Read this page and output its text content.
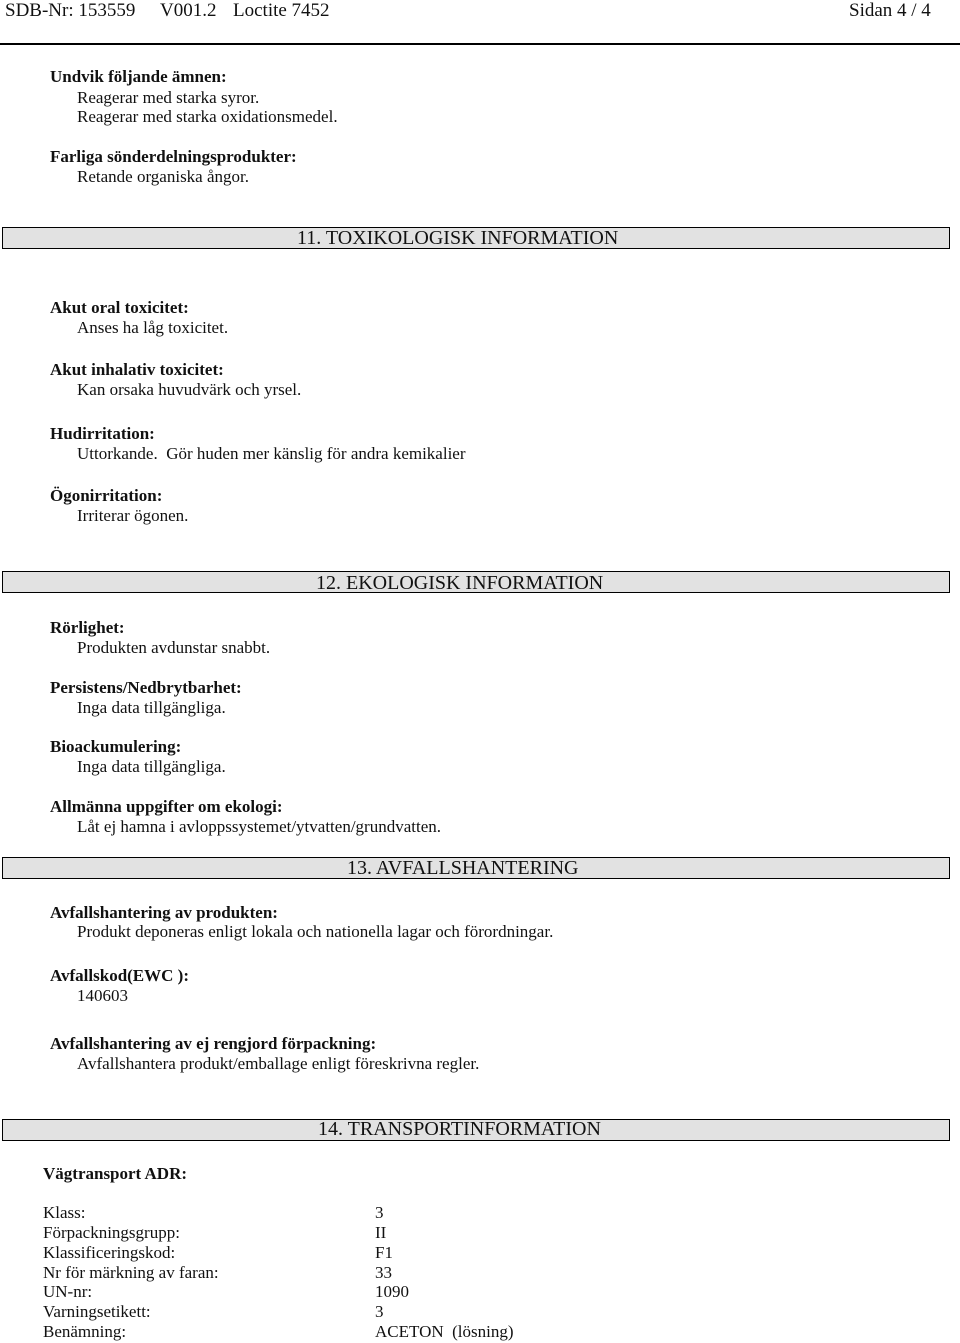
SDB-Nr: 153559 V001.2 Loctite 7452	Sidan 4 / 4
Undvik följande ämnen:
Reagerar med starka syror.
Reagerar med starka oxidationsmedel.
Farliga sönderdelningsprodukter:
Retande organiska ångor.
11. TOXIKOLOGISK INFORMATION
Akut oral toxicitet:
Anses ha låg toxicitet.
Akut inhalativ toxicitet:
Kan orsaka huvudvärk och yrsel.
Hudirritation:
Uttorkande.  Gör huden mer känslig för andra kemikalier
Ögonirritation:
Irriterar ögonen.
12. EKOLOGISK INFORMATION
Rörlighet:
Produkten avdunstar snabbt.
Persistens/Nedbrytbarhet:
Inga data tillgängliga.
Bioackumulering:
Inga data tillgängliga.
Allmänna uppgifter om ekologi:
Låt ej hamna i avloppssystemet/ytvatten/grundvatten.
13. AVFALLSHANTERING
Avfallshantering av produkten:
Produkt deponeras enligt lokala och nationella lagar och förordningar.
Avfallskod(EWC ):
140603
Avfallshantering av ej rengjord förpackning:
Avfallshantera produkt/emballage enligt föreskrivna regler.
14. TRANSPORTINFORMATION
Vägtransport ADR:
Klass:	3
Förpackningsgrupp:	II
Klassificeringskod:	F1
Nr för märkning av faran:	33
UN-nr:	1090
Varningsetikett:	3
Benämning:	ACETON  (lösning)
